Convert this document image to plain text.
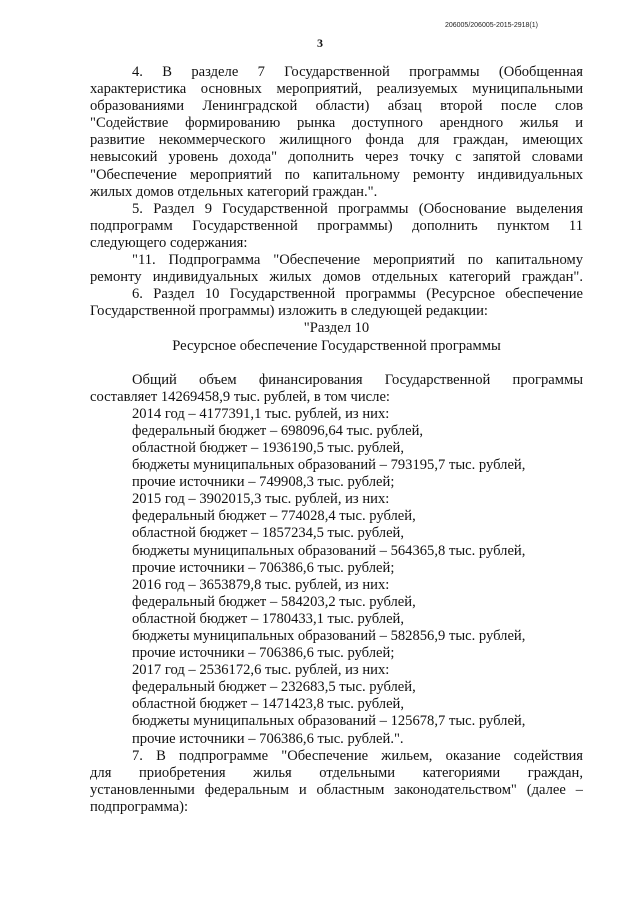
206005/206005-2015-2918(1)
3
4. В разделе 7 Государственной программы (Обобщенная
характеристика основных мероприятий, реализуемых муниципальными
образованиями Ленинградской области) абзац второй после слов
"Содействие формированию рынка доступного арендного жилья и
развитие некоммерческого жилищного фонда для граждан, имеющих
невысокий уровень дохода" дополнить через точку с запятой словами
"Обеспечение мероприятий по капитальному ремонту индивидуальных
жилых домов отдельных категорий граждан.".
5. Раздел 9 Государственной программы (Обоснование выделения
подпрограмм Государственной программы) дополнить пунктом 11
следующего содержания:
"11. Подпрограмма "Обеспечение мероприятий по капитальному
ремонту индивидуальных жилых домов отдельных категорий граждан".
6. Раздел 10 Государственной программы (Ресурсное обеспечение
Государственной программы) изложить в следующей редакции:
"Раздел 10
Ресурсное обеспечение Государственной программы
Общий объем финансирования Государственной программы
составляет 14269458,9 тыс. рублей, в том числе:
2014 год – 4177391,1 тыс. рублей, из них:
федеральный бюджет – 698096,64 тыс. рублей,
областной бюджет – 1936190,5 тыс. рублей,
бюджеты муниципальных образований – 793195,7 тыс. рублей,
прочие источники – 749908,3 тыс. рублей;
2015 год – 3902015,3 тыс. рублей, из них:
федеральный бюджет – 774028,4 тыс. рублей,
областной бюджет – 1857234,5 тыс. рублей,
бюджеты муниципальных образований – 564365,8 тыс. рублей,
прочие источники – 706386,6 тыс. рублей;
2016 год – 3653879,8 тыс. рублей, из них:
федеральный бюджет – 584203,2 тыс. рублей,
областной бюджет – 1780433,1 тыс. рублей,
бюджеты муниципальных образований – 582856,9 тыс. рублей,
прочие источники – 706386,6 тыс. рублей;
2017 год – 2536172,6 тыс. рублей, из них:
федеральный бюджет – 232683,5 тыс. рублей,
областной бюджет – 1471423,8 тыс. рублей,
бюджеты муниципальных образований – 125678,7 тыс. рублей,
прочие источники – 706386,6 тыс. рублей.".
7. В подпрограмме "Обеспечение жильем, оказание содействия
для приобретения жилья отдельными категориями граждан,
установленными федеральным и областным законодательством" (далее –
подпрограмма):
